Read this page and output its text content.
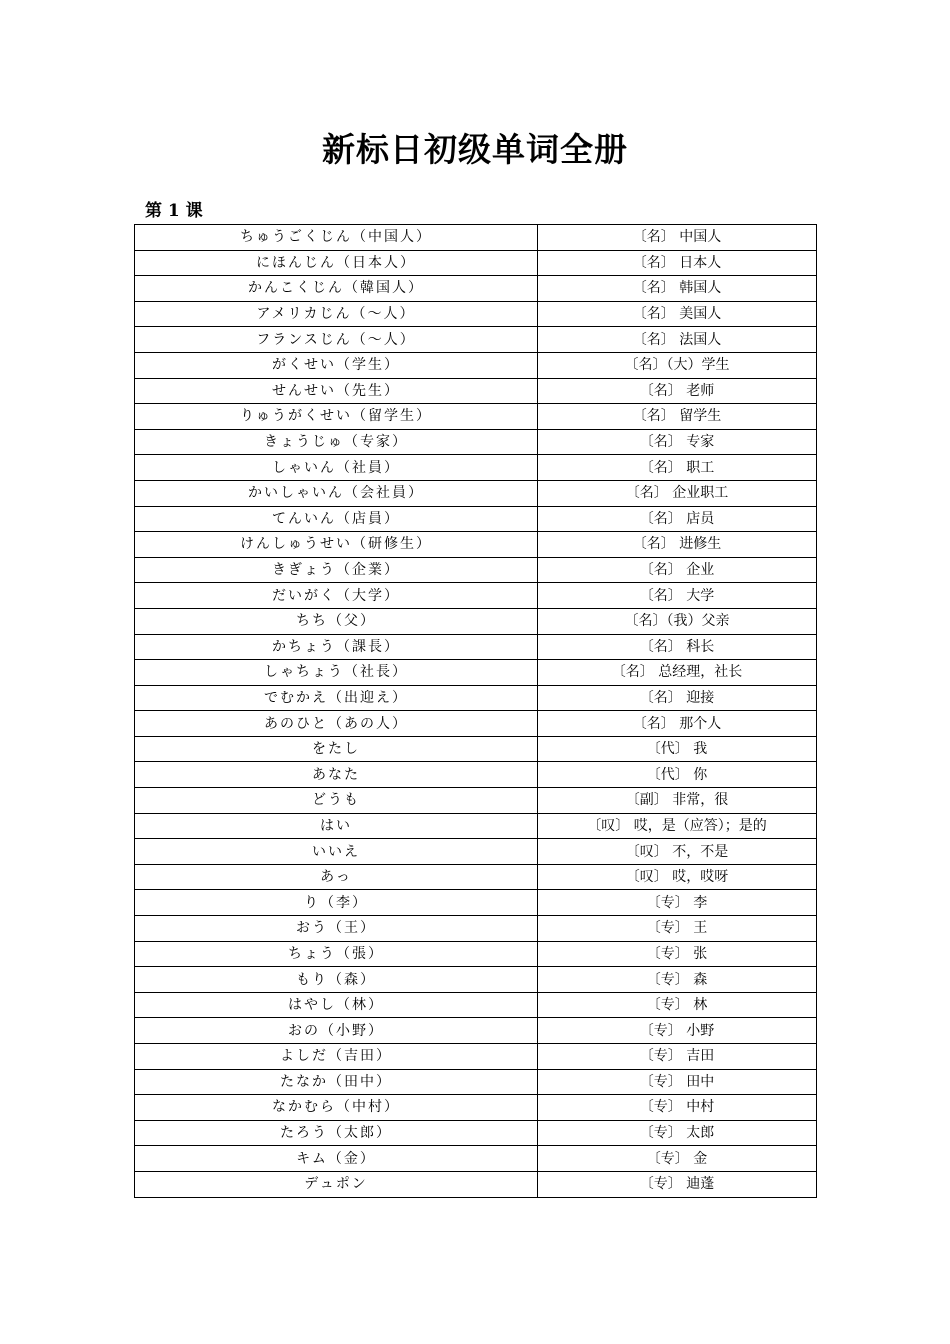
新标日初级单词全册
第 1 课
ちゅうごくじん（中国人）	〔名〕 中国人
にほんじん（日本人）	〔名〕 日本人
かんこくじん（韓国人）	〔名〕 韩国人
アメリカじん（～人）	〔名〕 美国人
フランスじん（～人）	〔名〕 法国人
がくせい（学生）	〔名〕（大）学生
せんせい（先生）	〔名〕 老师
りゅうがくせい（留学生）	〔名〕 留学生
きょうじゅ（专家）	〔名〕 专家
しゃいん（社員）	〔名〕 职工
かいしゃいん（会社員）	〔名〕 企业职工
てんいん（店員）	〔名〕 店员
けんしゅうせい（研修生）	〔名〕 进修生
きぎょう（企業）	〔名〕 企业
だいがく（大学）	〔名〕 大学
ちち（父）	〔名〕（我）父亲
かちょう（課長）	〔名〕 科长
しゃちょう（社長）	〔名〕 总经理，社长
でむかえ（出迎え）	〔名〕 迎接
あのひと（あの人）	〔名〕 那个人
をたし	〔代〕 我
あなた	〔代〕 你
どうも	〔副〕 非常，很
はい	〔叹〕 哎，是（应答）；是的
いいえ	〔叹〕 不，不是
あっ	〔叹〕 哎，哎呀
り（李）	〔专〕 李
おう（王）	〔专〕 王
ちょう（張）	〔专〕 张
もり（森）	〔专〕 森
はやし（林）	〔专〕 林
おの（小野）	〔专〕 小野
よしだ（吉田）	〔专〕 吉田
たなか（田中）	〔专〕 田中
なかむら（中村）	〔专〕 中村
たろう（太郎）	〔专〕 太郎
キム（金）	〔专〕 金
デュポン	〔专〕 迪蓬
